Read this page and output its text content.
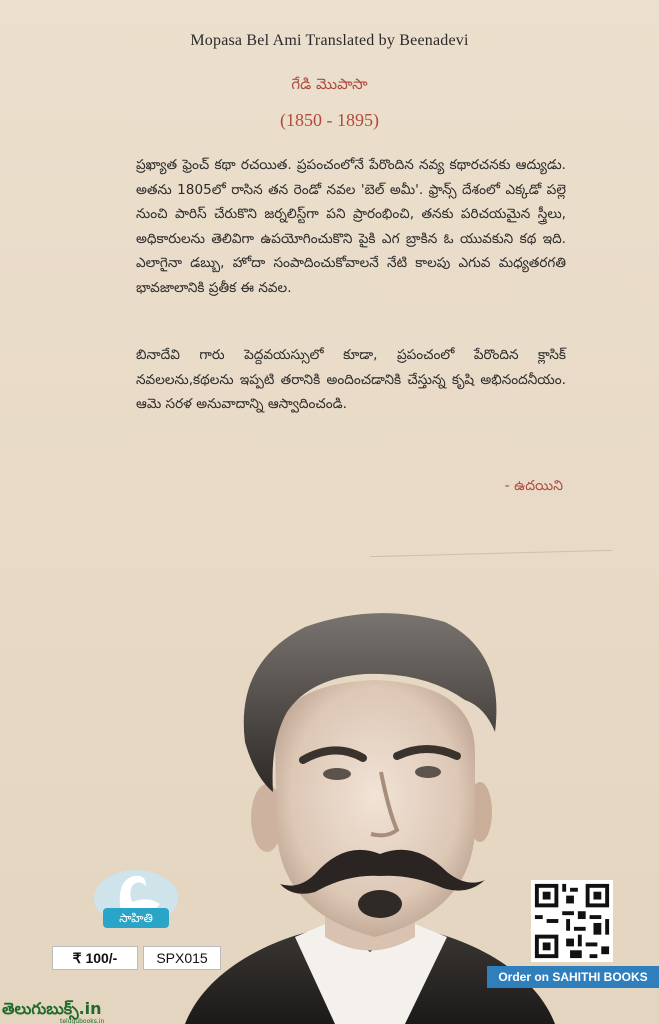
Mopasa Bel Ami Translated by Beenadevi
గేడి మొపాసా
(1850 - 1895)

ప్రఖ్యాత ఫ్రెంచ్ కథా రచయిత. ప్రపంచంలోనే పేరొందిన నవ్య కథారచనకు ఆద్యుడు. అతను 1805లో రాసిన తన రెండో నవల 'బెల్ అమీ'. ఫ్రాన్స్ దేశంలో ఎక్కడో పల్లె నుంచి పారిస్ చేరుకొని జర్నలిస్ట్‌గా పని ప్రారంభించి, తనకు పరిచయమైన స్త్రీలు, అధికారులను తెలివిగా ఉపయోగించుకొని పైకి ఎగ బ్రాకిన ఓ యువకుని కథ ఇది. ఎలాగైనా డబ్బు, హోదా సంపాదించుకోవాలనే నేటి కాలపు ఎగువ మధ్యతరగతి భావజాలానికి ప్రతీక ఈ నవల.

బినాదేవి గారు పెద్దవయస్సులో కూడా, ప్రపంచంలో పేరొందిన క్లాసిక్ నవలలను,కథలను ఇప్పటి తరానికి అందించడానికి చేస్తున్న కృషి అభినందనీయం. ఆమె సరళ అనువాదాన్ని ఆస్వాదించండి.

- ఉదయిని
సాహితి
₹ 100/-	SPX015
Order on SAHITHI BOOKS
తెలుగుబుక్స్.in
telugubooks.in
